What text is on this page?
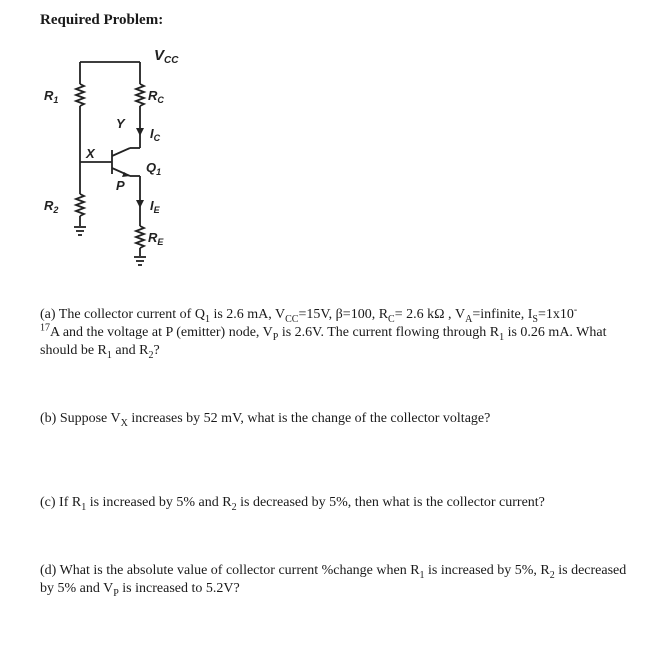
Required Problem:
$V_{CC}$
$R_1$
$R_2$
$R_C$
$R_E$
$I_C$
$I_E$
$Q_1$
X
Y
P
(a) The collector current of $Q_1$ is 2.6 mA, $V_{CC}=15V$, β=100, $R_C= 2.6$ kΩ , $V_A=infinite$, $I_S=1x10^-$
$^{17}$A and the voltage at P (emitter) node, $V_P$ is 2.6V. The current flowing through $R_1$ is 0.26 mA. What should be $R_1$ and $R_2$?
(b) Suppose $V_X$ increases by 52 mV, what is the change of the collector voltage?
(c) If $R_1$ is increased by 5% and $R_2$ is decreased by 5%, then what is the collector current?
(d) What is the absolute value of collector current %change when $R_1$ is increased by 5%, $R_2$ is decreased by 5% and $V_P$ is increased to 5.2V?
